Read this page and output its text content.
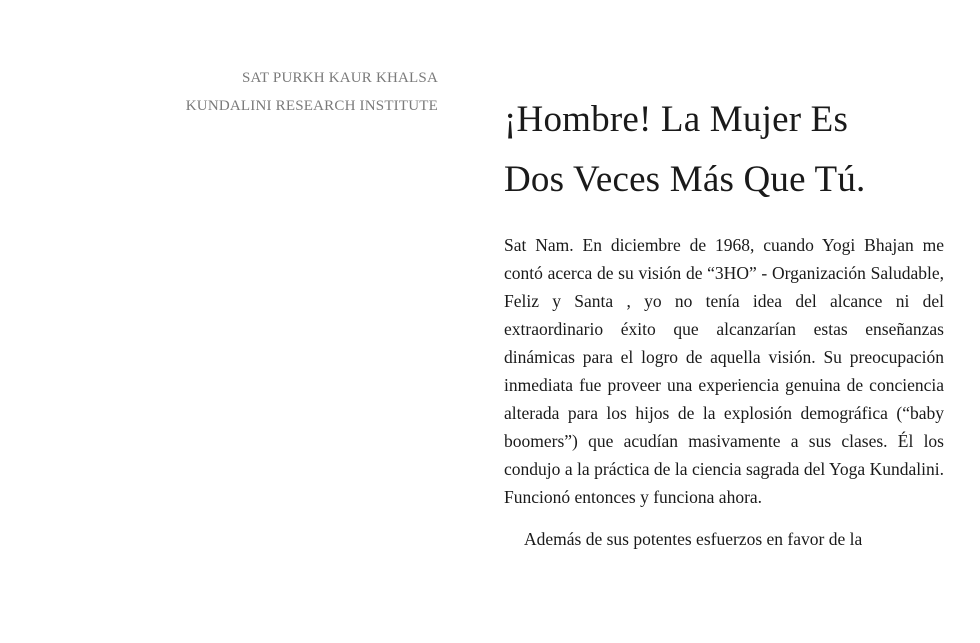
SAT PURKH KAUR KHALSA
KUNDALINI RESEARCH INSTITUTE ¡Hombre! La Mujer Es
Dos Veces Más Que Tú.

Sat Nam. En diciembre de 1968, cuando Yogi Bhajan me contó acerca de su visión de “3HO” - Organización Saludable, Feliz y Santa , yo no tenía idea del alcance ni del extraordinario éxito que alcanzarían estas enseñanzas dinámicas para el logro de aquella visión. Su preocupación inmediata fue proveer una experiencia genuina de conciencia alterada para los hijos de la explosión demográfica (“baby boomers”) que acudían masivamente a sus clases. Él los condujo a la práctica de la ciencia sagrada del Yoga Kundalini. Funcionó entonces y funciona ahora.

Además de sus potentes esfuerzos en favor de la
